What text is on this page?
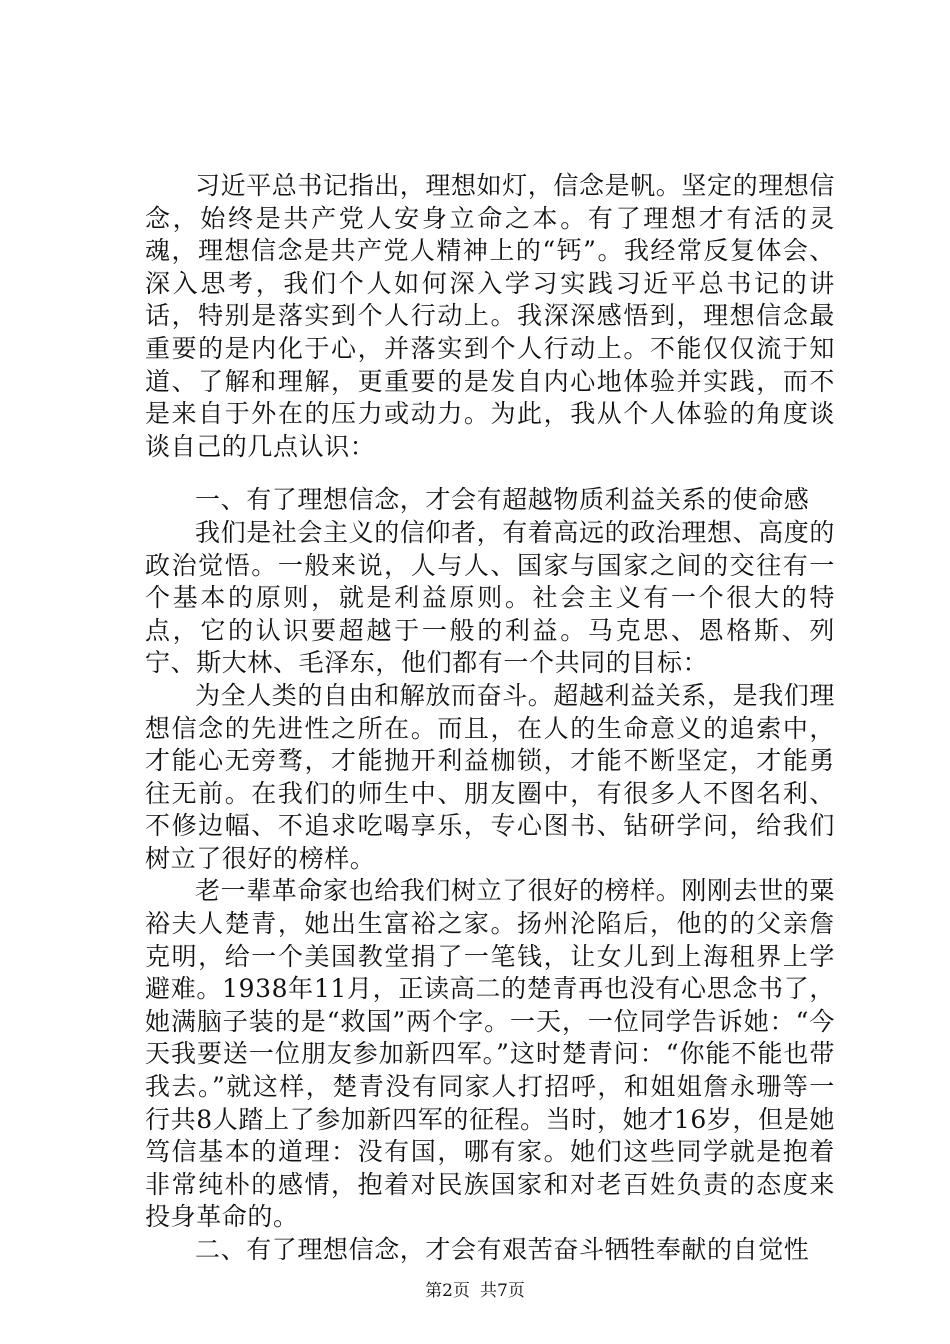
习近平总书记指出，理想如灯，信念是帆。坚定的理想信念，始终是共产党人安身立命之本。有了理想才有活的灵魂，理想信念是共产党人精神上的“钙”。我经常反复体会、深入思考，我们个人如何深入学习实践习近平总书记的讲话，特别是落实到个人行动上。我深深感悟到，理想信念最重要的是内化于心，并落实到个人行动上。不能仅仅流于知道、了解和理解，更重要的是发自内心地体验并实践，而不是来自于外在的压力或动力。为此，我从个人体验的角度谈谈自己的几点认识：

一、有了理想信念，才会有超越物质利益关系的使命感

我们是社会主义的信仰者，有着高远的政治理想、高度的政治觉悟。一般来说，人与人、国家与国家之间的交往有一个基本的原则，就是利益原则。社会主义有一个很大的特点，它的认识要超越于一般的利益。马克思、恩格斯、列宁、斯大林、毛泽东，他们都有一个共同的目标：

为全人类的自由和解放而奋斗。超越利益关系，是我们理想信念的先进性之所在。而且，在人的生命意义的追索中，才能心无旁骛，才能抛开利益枷锁，才能不断坚定，才能勇往无前。在我们的师生中、朋友圈中，有很多人不图名利、不修边幅、不追求吃喝享乐，专心图书、钻研学问，给我们树立了很好的榜样。

老一辈革命家也给我们树立了很好的榜样。刚刚去世的粟裕夫人楚青，她出生富裕之家。扬州沦陷后，他的的父亲詹克明，给一个美国教堂捐了一笔钱，让女儿到上海租界上学避难。1938年11月，正读高二的楚青再也没有心思念书了，她满脑子装的是“救国”两个字。一天，一位同学告诉她：“今天我要送一位朋友参加新四军。”这时楚青问：“你能不能也带我去。”就这样，楚青没有同家人打招呼，和姐姐詹永珊等一行共8人踏上了参加新四军的征程。当时，她才16岁，但是她笃信基本的道理：没有国，哪有家。她们这些同学就是抱着非常纯朴的感情，抱着对民族国家和对老百姓负责的态度来投身革命的。

二、有了理想信念，才会有艰苦奋斗牺牲奉献的自觉性

第2页 共7页
